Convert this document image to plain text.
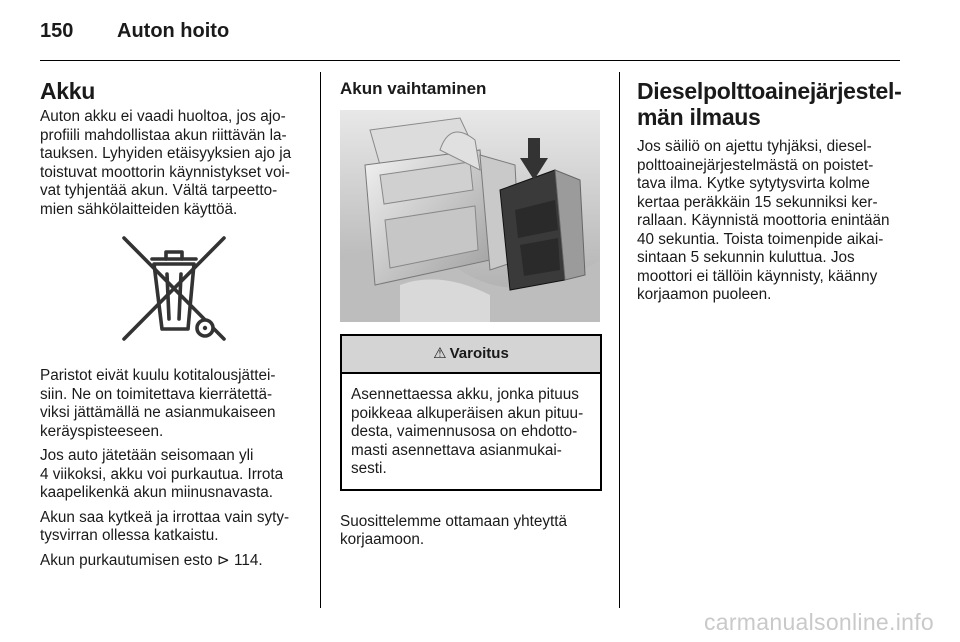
150	Auton hoito
Akku

Auton akku ei vaadi huoltoa, jos ajo-
profiili mahdollistaa akun riittävän la-
tauksen. Lyhyiden etäisyyksien ajo ja
toistuvat moottorin käynnistykset voi-
vat tyhjentää akun. Vältä tarpeetto-
mien sähkölaitteiden käyttöä.

Paristot eivät kuulu kotitalousjättei-
siin. Ne on toimitettava kierrätettä-
viksi jättämällä ne asianmukaiseen
keräyspisteeseen.

Jos auto jätetään seisomaan yli
4 viikoksi, akku voi purkautua. Irrota
kaapelikenkä akun miinusnavasta.

Akun saa kytkeä ja irrottaa vain syty-
tysvirran ollessa katkaistu.

Akun purkautumisen esto ⊳ 114.

Akun vaihtaminen
⚠ Varoitus
Asennettaessa akku, jonka pituus
poikkeaa alkuperäisen akun pituu-
desta, vaimennusosa on ehdotto-
masti asennettava asianmukai-
sesti.

Suosittelemme ottamaan yhteyttä
korjaamoon.

Dieselpolttoainejärjestel-
män ilmaus

Jos säiliö on ajettu tyhjäksi, diesel-
polttoainejärjestelmästä on poistet-
tava ilma. Kytke sytytysvirta kolme
kertaa peräkkäin 15 sekunniksi ker-
rallaan. Käynnistä moottoria enintään
40 sekuntia. Toista toimenpide aikai-
sintaan 5 sekunnin kuluttua. Jos
moottori ei tällöin käynnisty, käänny
korjaamon puoleen.

carmanualsonline.info
